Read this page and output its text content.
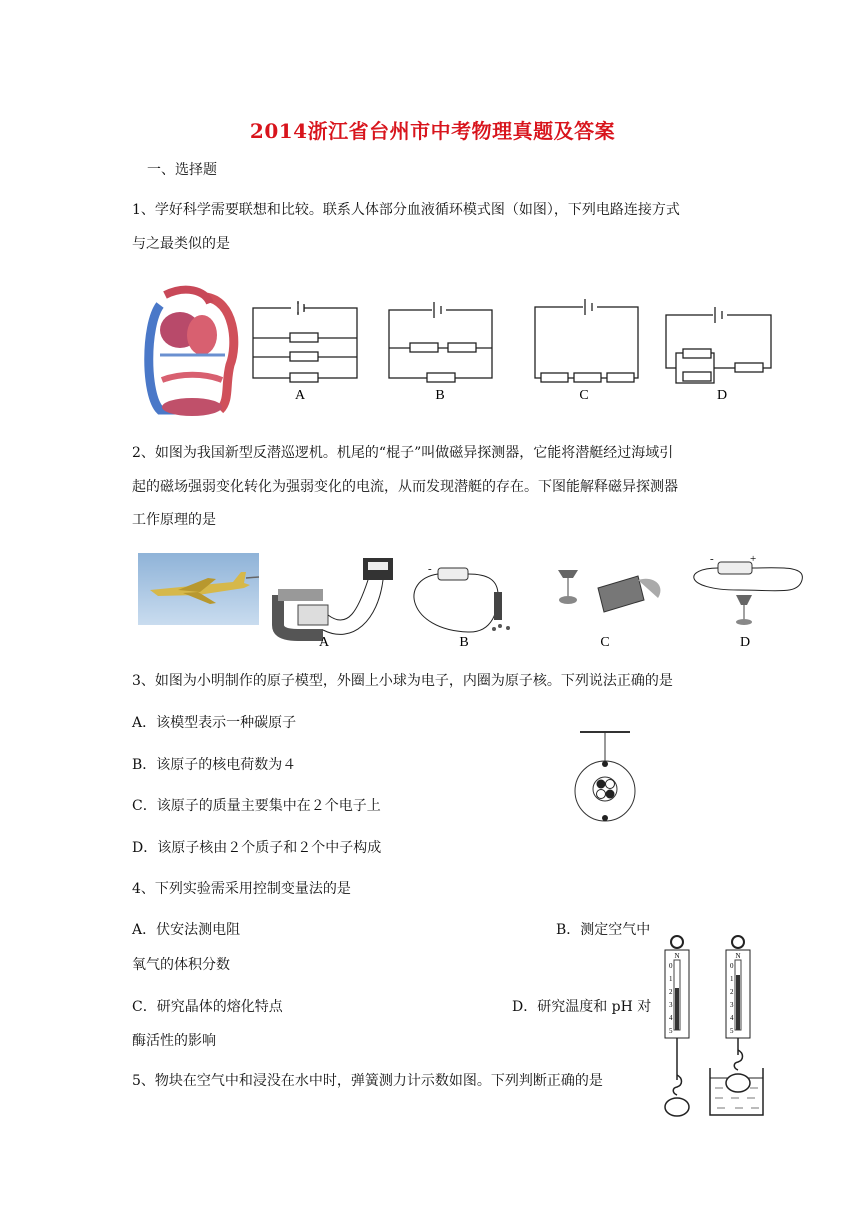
2014浙江省台州市中考物理真题及答案
一、选择题
1、学好科学需要联想和比较。联系人体部分血液循环模式图（如图），下列电路连接方式
与之最类似的是
A	B	C	D
2、如图为我国新型反潜巡逻机。机尾的“棍子”叫做磁异探测器，它能将潜艇经过海域引
起的磁场强弱变化转化为强弱变化的电流，从而发现潜艇的存在。下图能解释磁异探测器
工作原理的是
-
-	+
A	B	C	D
3、如图为小明制作的原子模型，外圈上小球为电子，内圈为原子核。下列说法正确的是
A．该模型表示一种碳原子
B．该原子的核电荷数为４
C．该原子的质量主要集中在２个电子上
D．该原子核由２个质子和２个中子构成
4、下列实验需采用控制变量法的是
A．伏安法测电阻	B．测定空气中
氧气的体积分数
C．研究晶体的熔化特点	D．研究温度和 pH 对
酶活性的影响
5、物块在空气中和浸没在水中时，弹簧测力计示数如图。下列判断正确的是
N
0
1
2
3
4
5
N
0
1
2
3
4
5
